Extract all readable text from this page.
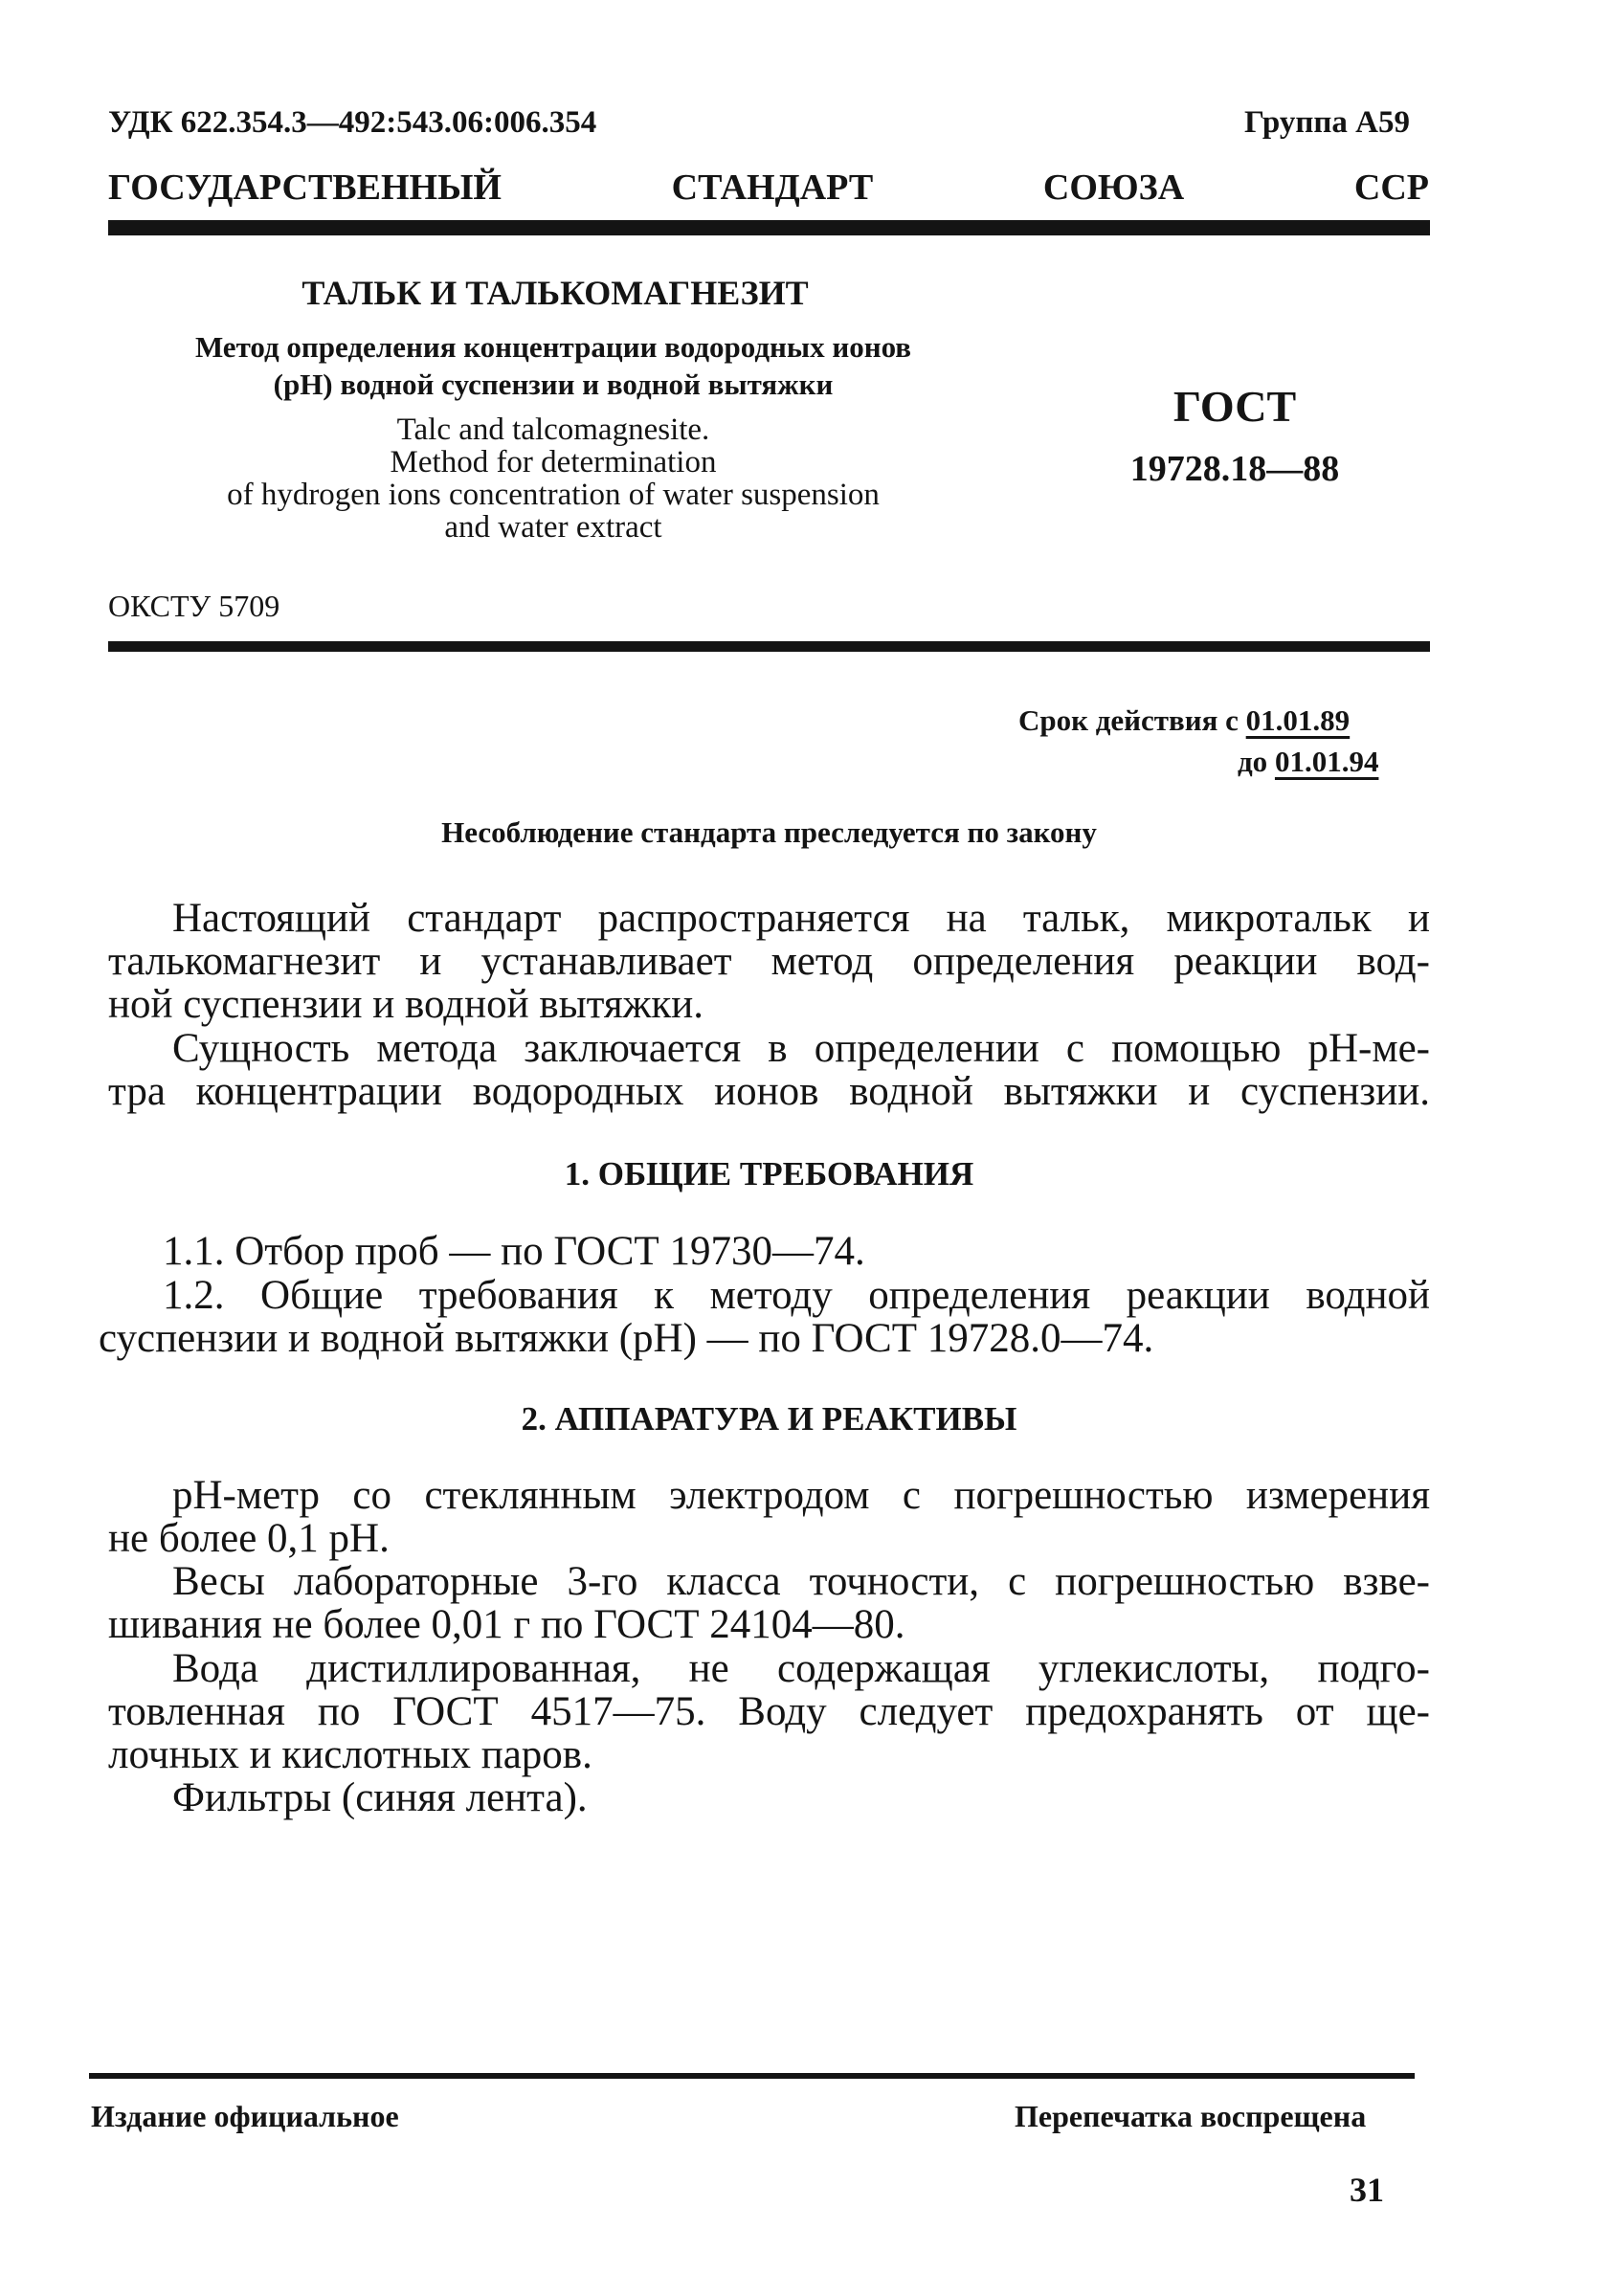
УДК 622.354.3—492:543.06:006.354	Группа А59
ГОСУДАРСТВЕННЫЙ СТАНДАРТ СОЮЗА ССР
ТАЛЬК И ТАЛЬКОМАГНЕЗИТ
Метод определения концентрации водородных ионов
(pH) водной суспензии и водной вытяжки
Talc and talcomagnesite.
Method for determination
of hydrogen ions concentration of water suspension
and water extract
ГОСТ
19728.18—88
ОКСТУ 5709
Срок действия с 01.01.89
до 01.01.94
Несоблюдение стандарта преследуется по закону
Настоящий стандарт распространяется на тальк, микротальк и
талькомагнезит и устанавливает метод определения реакции вод-
ной суспензии и водной вытяжки.
Сущность метода заключается в определении с помощью pH-ме-
тра концентрации водородных ионов водной вытяжки и суспензии.
1. ОБЩИЕ ТРЕБОВАНИЯ
1.1. Отбор проб — по ГОСТ 19730—74.
1.2. Общие требования к методу определения реакции водной
суспензии и водной вытяжки (pH) — по ГОСТ 19728.0—74.
2. АППАРАТУРА И РЕАКТИВЫ
pH-метр со стеклянным электродом с погрешностью измерения
не более 0,1 pH.
Весы лабораторные 3-го класса точности, с погрешностью взве-
шивания не более 0,01 г по ГОСТ 24104—80.
Вода дистиллированная, не содержащая углекислоты, подго-
товленная по ГОСТ 4517—75. Воду следует предохранять от ще-
лочных и кислотных паров.
Фильтры (синяя лента).
Издание официальное	Перепечатка воспрещена
31
